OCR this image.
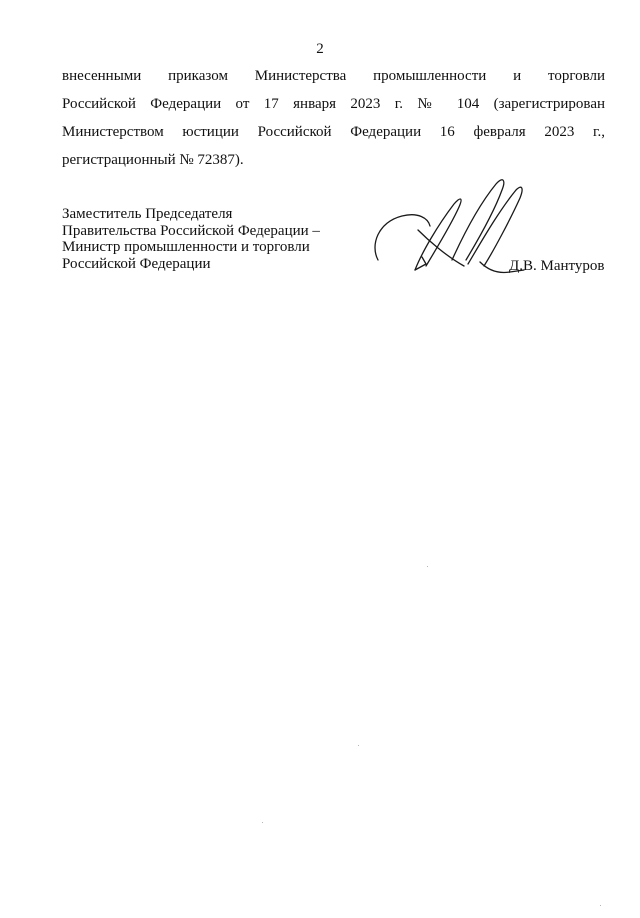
2
внесенными приказом Министерства промышленности и торговли
Российской Федерации от 17 января 2023 г. № 104 (зарегистрирован
Министерством юстиции Российской Федерации 16 февраля 2023 г.,
регистрационный № 72387).
Заместитель Председателя
Правительства Российской Федерации –
Министр промышленности и торговли
Российской Федерации	Д.В. Мантуров
